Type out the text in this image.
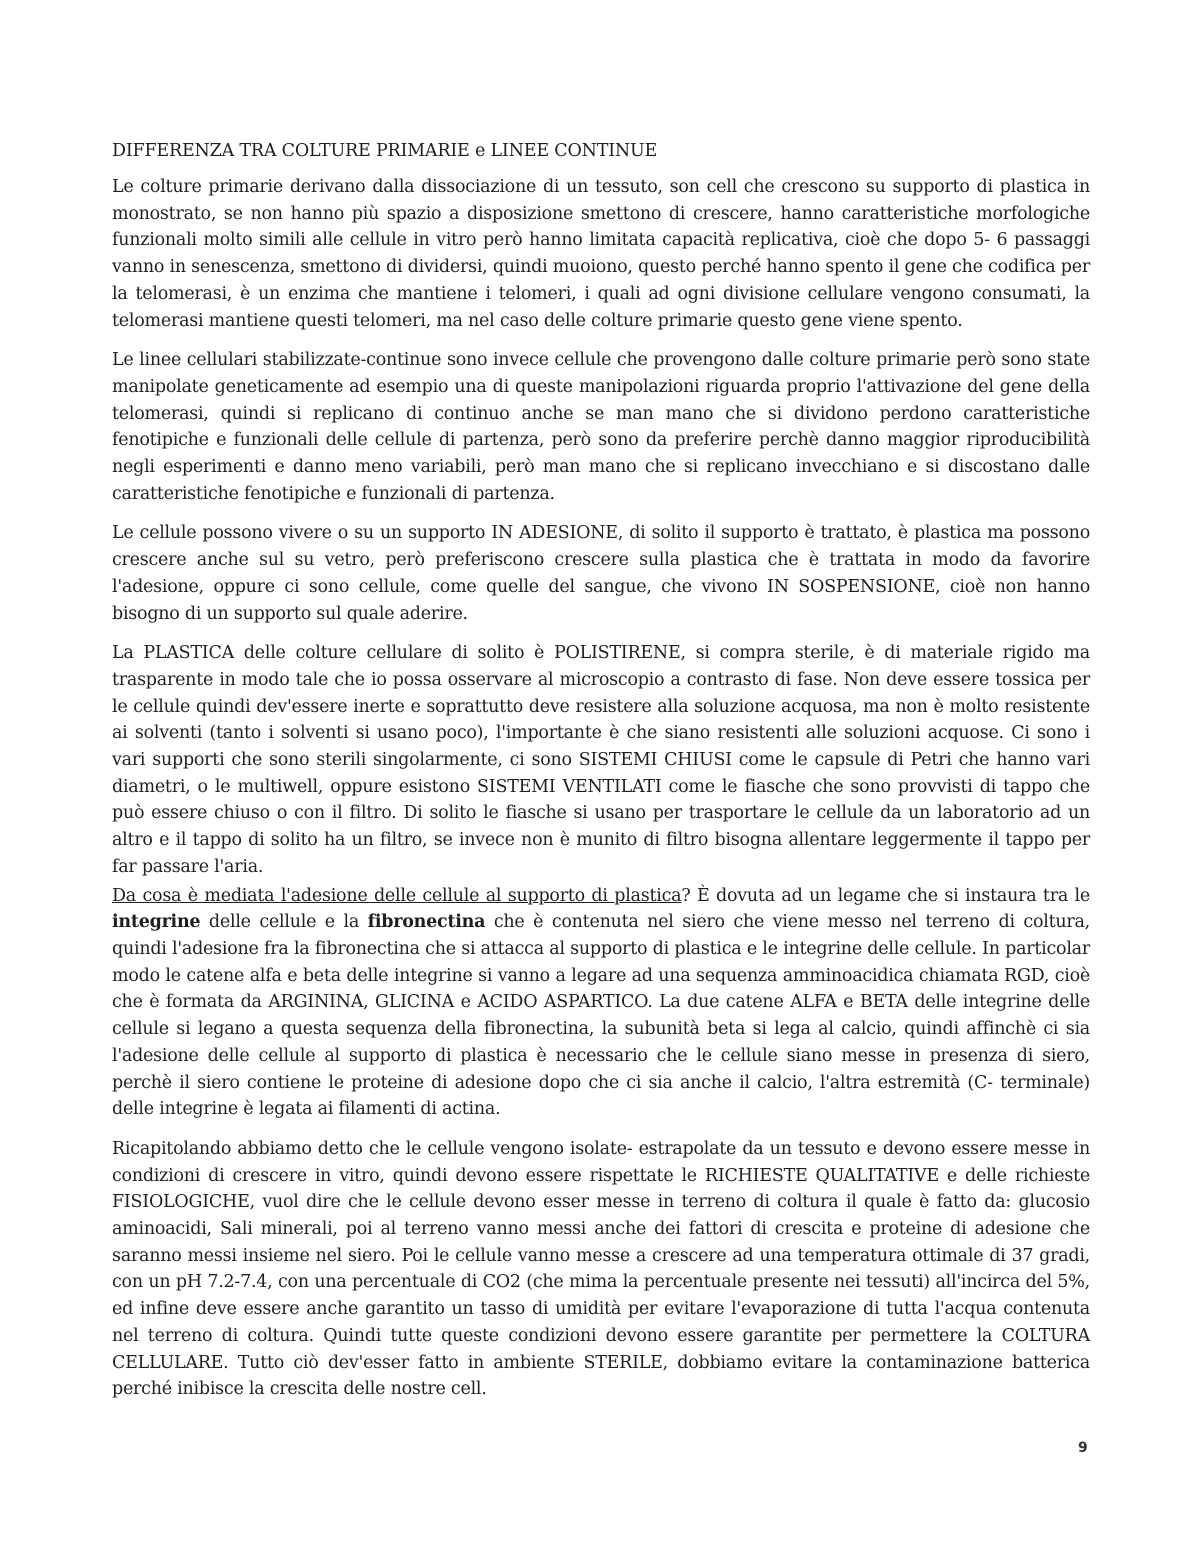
DIFFERENZA TRA COLTURE PRIMARIE e LINEE CONTINUE

Le colture primarie derivano dalla dissociazione di un tessuto, son cell che crescono su supporto di plastica in monostrato, se non hanno più spazio a disposizione smettono di crescere, hanno caratteristiche morfologiche funzionali molto simili alle cellule in vitro però hanno limitata capacità replicativa, cioè che dopo 5- 6 passaggi vanno in senescenza, smettono di dividersi, quindi muoiono, questo perché hanno spento il gene che codifica per la telomerasi, è un enzima che mantiene i telomeri, i quali ad ogni divisione cellulare vengono consumati, la telomerasi mantiene questi telomeri, ma nel caso delle colture primarie questo gene viene spento.

Le linee cellulari stabilizzate-continue sono invece cellule che provengono dalle colture primarie però sono state manipolate geneticamente ad esempio una di queste manipolazioni riguarda proprio l'attivazione del gene della telomerasi, quindi si replicano di continuo anche se man mano che si dividono perdono caratteristiche fenotipiche e funzionali delle cellule di partenza, però sono da preferire perchè danno maggior riproducibilità negli esperimenti e danno meno variabili, però man mano che si replicano invecchiano e si discostano dalle caratteristiche fenotipiche e funzionali di partenza.

Le cellule possono vivere o su un supporto IN ADESIONE, di solito il supporto è trattato, è plastica ma possono crescere anche sul su vetro, però preferiscono crescere sulla plastica che è trattata in modo da favorire l'adesione, oppure ci sono cellule, come quelle del sangue, che vivono IN SOSPENSIONE, cioè non hanno bisogno di un supporto sul quale aderire.

La PLASTICA delle colture cellulare di solito è POLISTIRENE, si compra sterile, è di materiale rigido ma trasparente in modo tale che io possa osservare al microscopio a contrasto di fase. Non deve essere tossica per le cellule quindi dev'essere inerte e soprattutto deve resistere alla soluzione acquosa, ma non è molto resistente ai solventi (tanto i solventi si usano poco), l'importante è che siano resistenti alle soluzioni acquose. Ci sono i vari supporti che sono sterili singolarmente, ci sono SISTEMI CHIUSI come le capsule di Petri che hanno vari diametri, o le multiwell, oppure esistono SISTEMI VENTILATI come le fiasche che sono provvisti di tappo che può essere chiuso o con il filtro. Di solito le fiasche si usano per trasportare le cellule da un laboratorio ad un altro e il tappo di solito ha un filtro, se invece non è munito di filtro bisogna allentare leggermente il tappo per far passare l'aria.

Da cosa è mediata l'adesione delle cellule al supporto di plastica? È dovuta ad un legame che si instaura tra le integrine delle cellule e la fibronectina che è contenuta nel siero che viene messo nel terreno di coltura, quindi l'adesione fra la fibronectina che si attacca al supporto di plastica e le integrine delle cellule. In particolar modo le catene alfa e beta delle integrine si vanno a legare ad una sequenza amminoacidica chiamata RGD, cioè che è formata da ARGININA, GLICINA e ACIDO ASPARTICO. La due catene ALFA e BETA delle integrine delle cellule si legano a questa sequenza della fibronectina, la subunità beta si lega al calcio, quindi affinchè ci sia l'adesione delle cellule al supporto di plastica è necessario che le cellule siano messe in presenza di siero, perchè il siero contiene le proteine di adesione dopo che ci sia anche il calcio, l'altra estremità (C- terminale) delle integrine è legata ai filamenti di actina.

Ricapitolando abbiamo detto che le cellule vengono isolate- estrapolate da un tessuto e devono essere messe in condizioni di crescere in vitro, quindi devono essere rispettate le RICHIESTE QUALITATIVE e delle richieste FISIOLOGICHE, vuol dire che le cellule devono esser messe in terreno di coltura il quale è fatto da: glucosio aminoacidi, Sali minerali, poi al terreno vanno messi anche dei fattori di crescita e proteine di adesione che saranno messi insieme nel siero. Poi le cellule vanno messe a crescere ad una temperatura ottimale di 37 gradi, con un pH 7.2-7.4, con una percentuale di CO2 (che mima la percentuale presente nei tessuti) all'incirca del 5%, ed infine deve essere anche garantito un tasso di umidità per evitare l'evaporazione di tutta l'acqua contenuta nel terreno di coltura. Quindi tutte queste condizioni devono essere garantite per permettere la COLTURA CELLULARE. Tutto ciò dev'esser fatto in ambiente STERILE, dobbiamo evitare la contaminazione batterica perché inibisce la crescita delle nostre cell.

9
